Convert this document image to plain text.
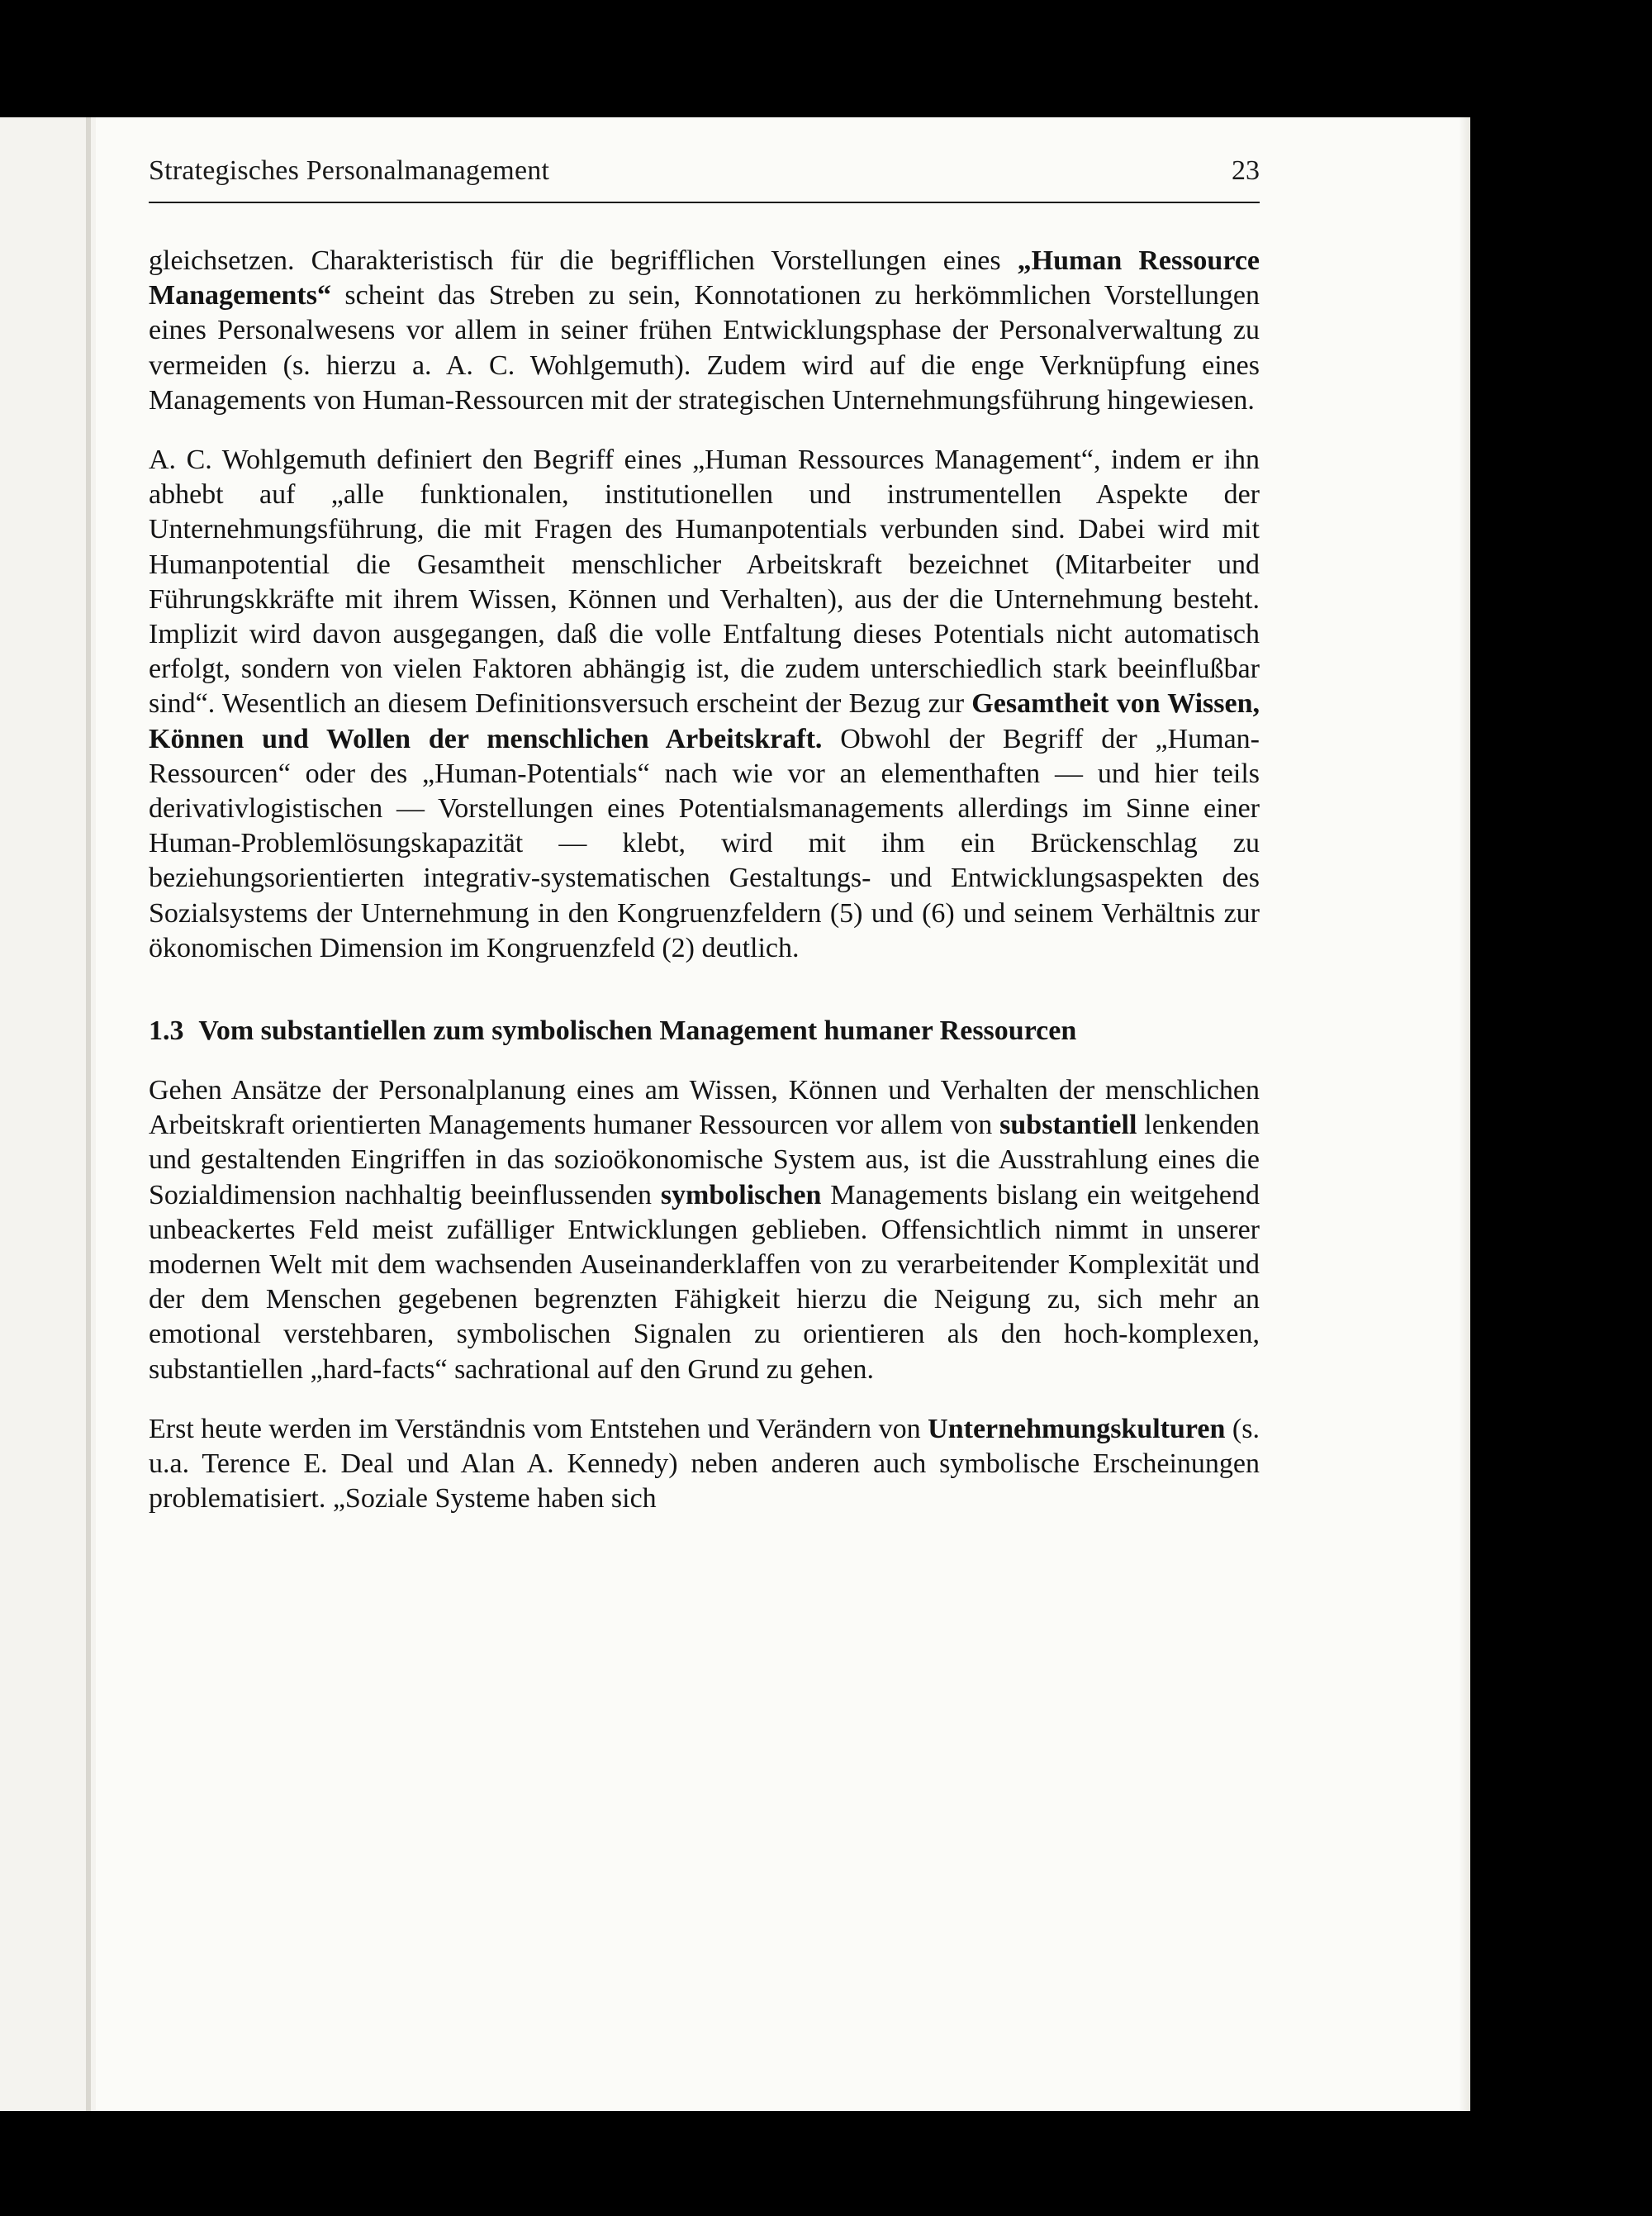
Strategisches Personalmanagement	23

gleichsetzen. Charakteristisch für die begrifflichen Vorstellungen eines „Human Ressource Managements“ scheint das Streben zu sein, Konnotationen zu herkömmlichen Vorstellungen eines Personalwesens vor allem in seiner frühen Entwicklungsphase der Personalverwaltung zu vermeiden (s. hierzu a. A. C. Wohlgemuth). Zudem wird auf die enge Verknüpfung eines Managements von Human-Ressourcen mit der strategischen Unternehmungsführung hingewiesen.

A. C. Wohlgemuth definiert den Begriff eines „Human Ressources Management“, indem er ihn abhebt auf „alle funktionalen, institutionellen und instrumentellen Aspekte der Unternehmungsführung, die mit Fragen des Humanpotentials verbunden sind. Dabei wird mit Humanpotential die Gesamtheit menschlicher Arbeitskraft bezeichnet (Mitarbeiter und Führungskkräfte mit ihrem Wissen, Können und Verhalten), aus der die Unternehmung besteht. Implizit wird davon ausgegangen, daß die volle Entfaltung dieses Potentials nicht automatisch erfolgt, sondern von vielen Faktoren abhängig ist, die zudem unterschiedlich stark beeinflußbar sind“. Wesentlich an diesem Definitionsversuch erscheint der Bezug zur Gesamtheit von Wissen, Können und Wollen der menschlichen Arbeitskraft. Obwohl der Begriff der „Human-Ressourcen“ oder des „Human-Potentials“ nach wie vor an elementhaften — und hier teils derivativlogistischen — Vorstellungen eines Potentialsmanagements allerdings im Sinne einer Human-Problemlösungskapazität — klebt, wird mit ihm ein Brückenschlag zu beziehungsorientierten integrativ-systematischen Gestaltungs- und Entwicklungsaspekten des Sozialsystems der Unternehmung in den Kongruenzfeldern (5) und (6) und seinem Verhältnis zur ökonomischen Dimension im Kongruenzfeld (2) deutlich.

1.3 Vom substantiellen zum symbolischen Management humaner Ressourcen

Gehen Ansätze der Personalplanung eines am Wissen, Können und Verhalten der menschlichen Arbeitskraft orientierten Managements humaner Ressourcen vor allem von substantiell lenkenden und gestaltenden Eingriffen in das sozioökonomische System aus, ist die Ausstrahlung eines die Sozialdimension nachhaltig beeinflussenden symbolischen Managements bislang ein weitgehend unbeackertes Feld meist zufälliger Entwicklungen geblieben. Offensichtlich nimmt in unserer modernen Welt mit dem wachsenden Auseinanderklaffen von zu verarbeitender Komplexität und der dem Menschen gegebenen begrenzten Fähigkeit hierzu die Neigung zu, sich mehr an emotional verstehbaren, symbolischen Signalen zu orientieren als den hoch-komplexen, substantiellen „hard-facts“ sachrational auf den Grund zu gehen.

Erst heute werden im Verständnis vom Entstehen und Verändern von Unternehmungskulturen (s. u.a. Terence E. Deal und Alan A. Kennedy) neben anderen auch symbolische Erscheinungen problematisiert. „Soziale Systeme haben sich
